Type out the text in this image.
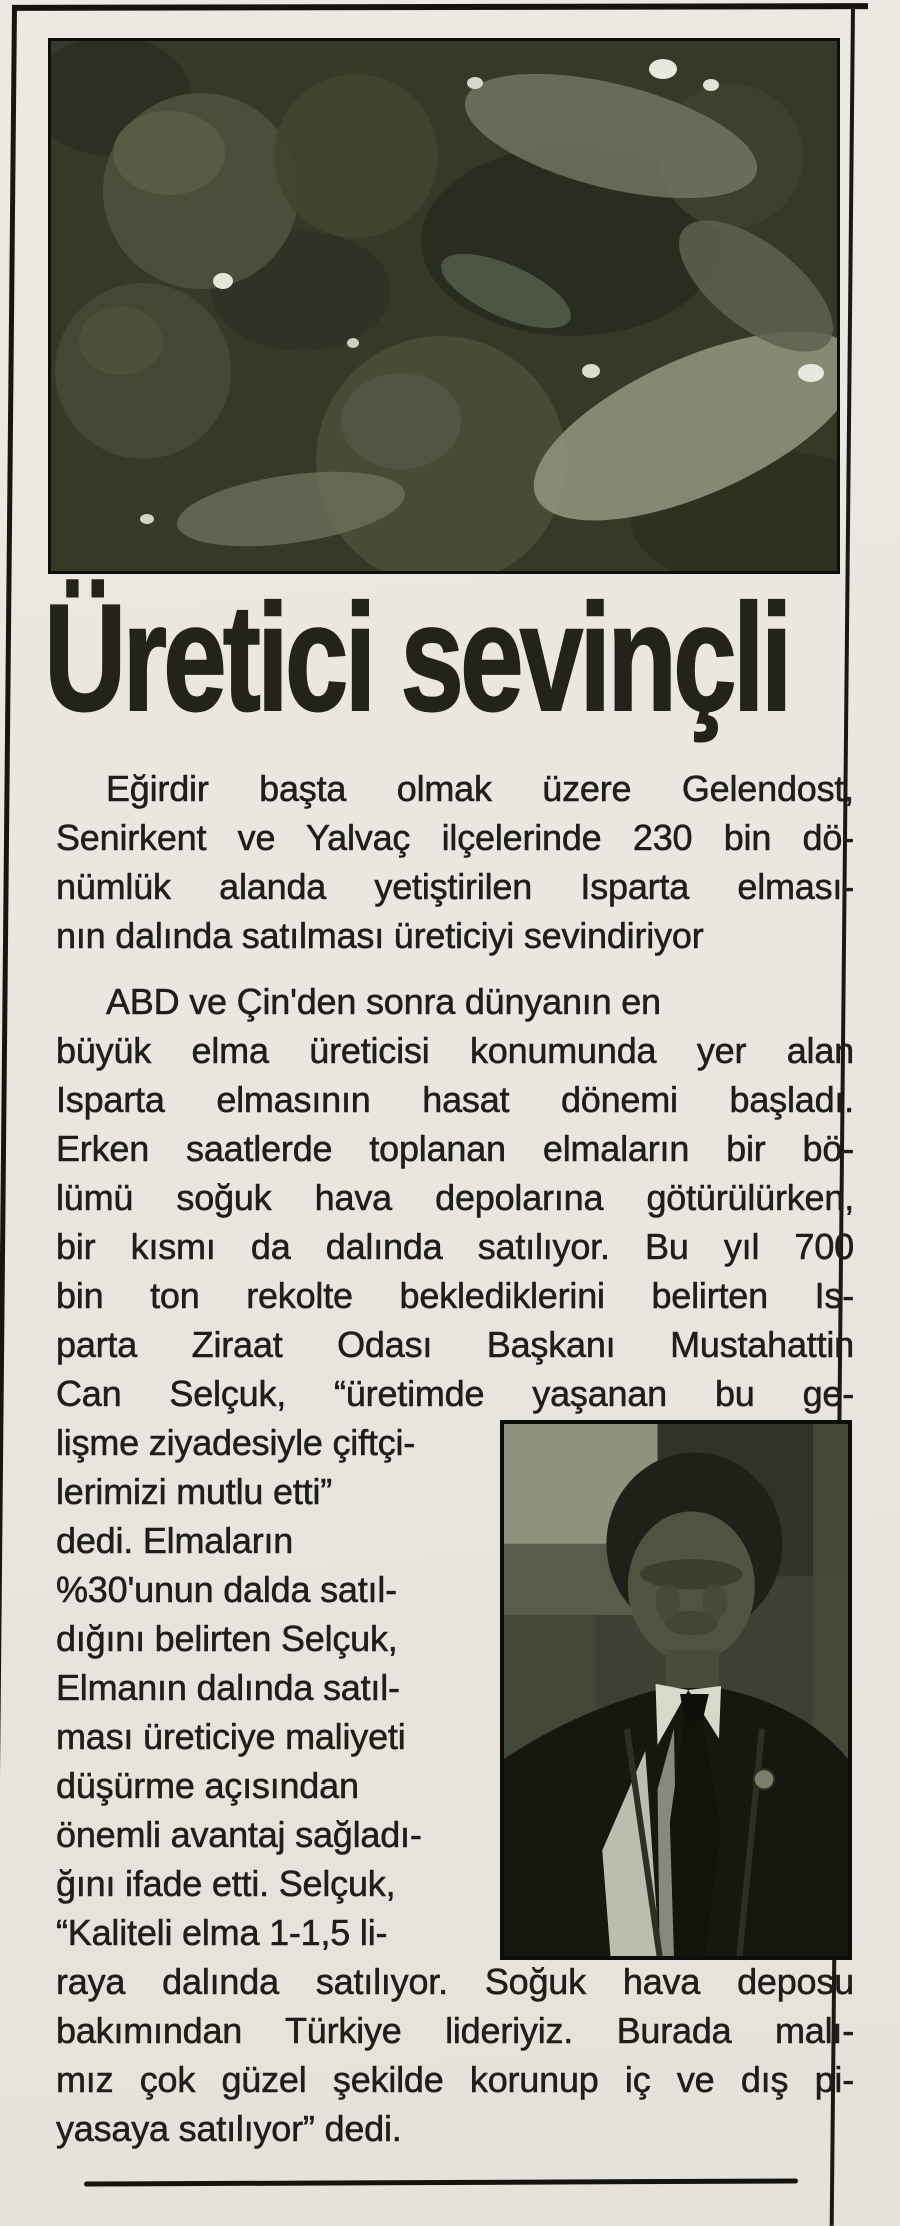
Üretici sevinçli
Eğirdir başta olmak üzere Gelendost,
Senirkent ve Yalvaç ilçelerinde 230 bin dö-
nümlük alanda yetiştirilen Isparta elması-
nın dalında satılması üreticiyi sevindiriyor
ABD ve Çin'den sonra dünyanın en
büyük elma üreticisi konumunda yer alan
Isparta elmasının hasat dönemi başladı.
Erken saatlerde toplanan elmaların bir bö-
lümü soğuk hava depolarına götürülürken,
bir kısmı da dalında satılıyor. Bu yıl 700
bin ton rekolte beklediklerini belirten Is-
parta Ziraat Odası Başkanı Mustahattin
Can Selçuk, “üretimde yaşanan bu ge-
lişme ziyadesiyle çiftçi-
lerimizi mutlu etti”
dedi. Elmaların
%30'unun dalda satıl-
dığını belirten Selçuk,
Elmanın dalında satıl-
ması üreticiye maliyeti
düşürme açısından
önemli avantaj sağladı-
ğını ifade etti. Selçuk,
“Kaliteli elma 1-1,5 li-
raya dalında satılıyor. Soğuk hava deposu
bakımından Türkiye lideriyiz. Burada malı-
mız çok güzel şekilde korunup iç ve dış pi-
yasaya satılıyor” dedi.
